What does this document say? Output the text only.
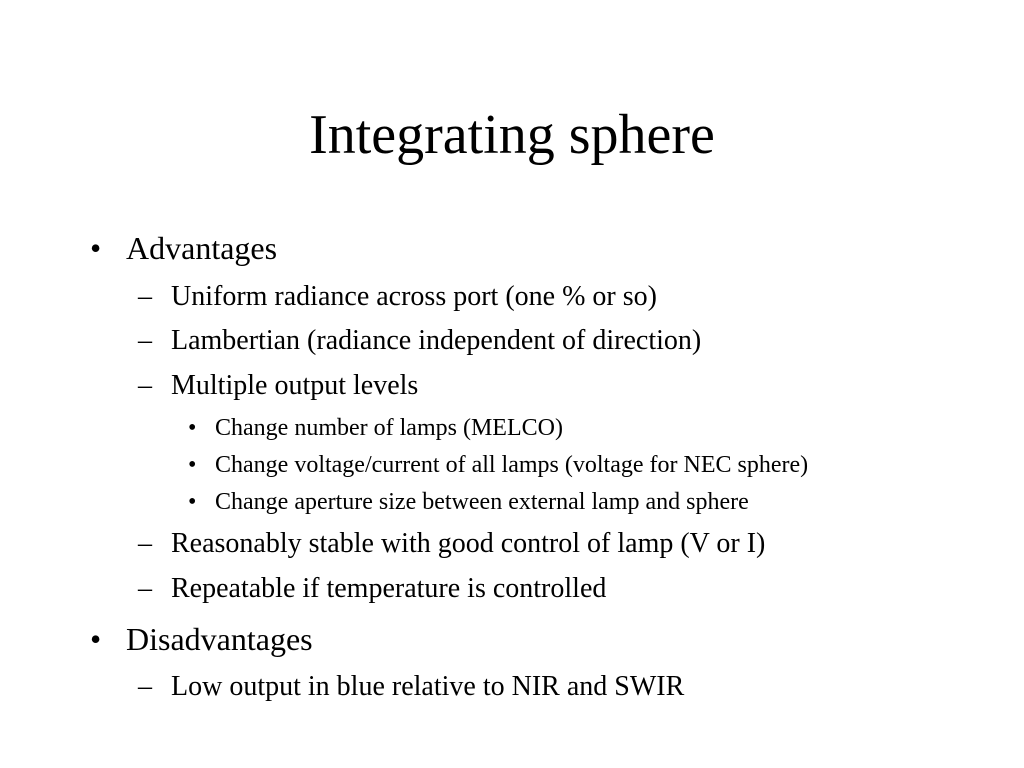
Integrating sphere
• Advantages
– Uniform radiance across port (one % or so)
– Lambertian (radiance independent of direction)
– Multiple output levels
• Change number of lamps (MELCO)
• Change voltage/current of all lamps (voltage for NEC sphere)
• Change aperture size between external lamp and sphere
– Reasonably stable with good control of lamp (V or I)
– Repeatable if temperature is controlled
• Disadvantages
– Low output in blue relative to NIR and SWIR
